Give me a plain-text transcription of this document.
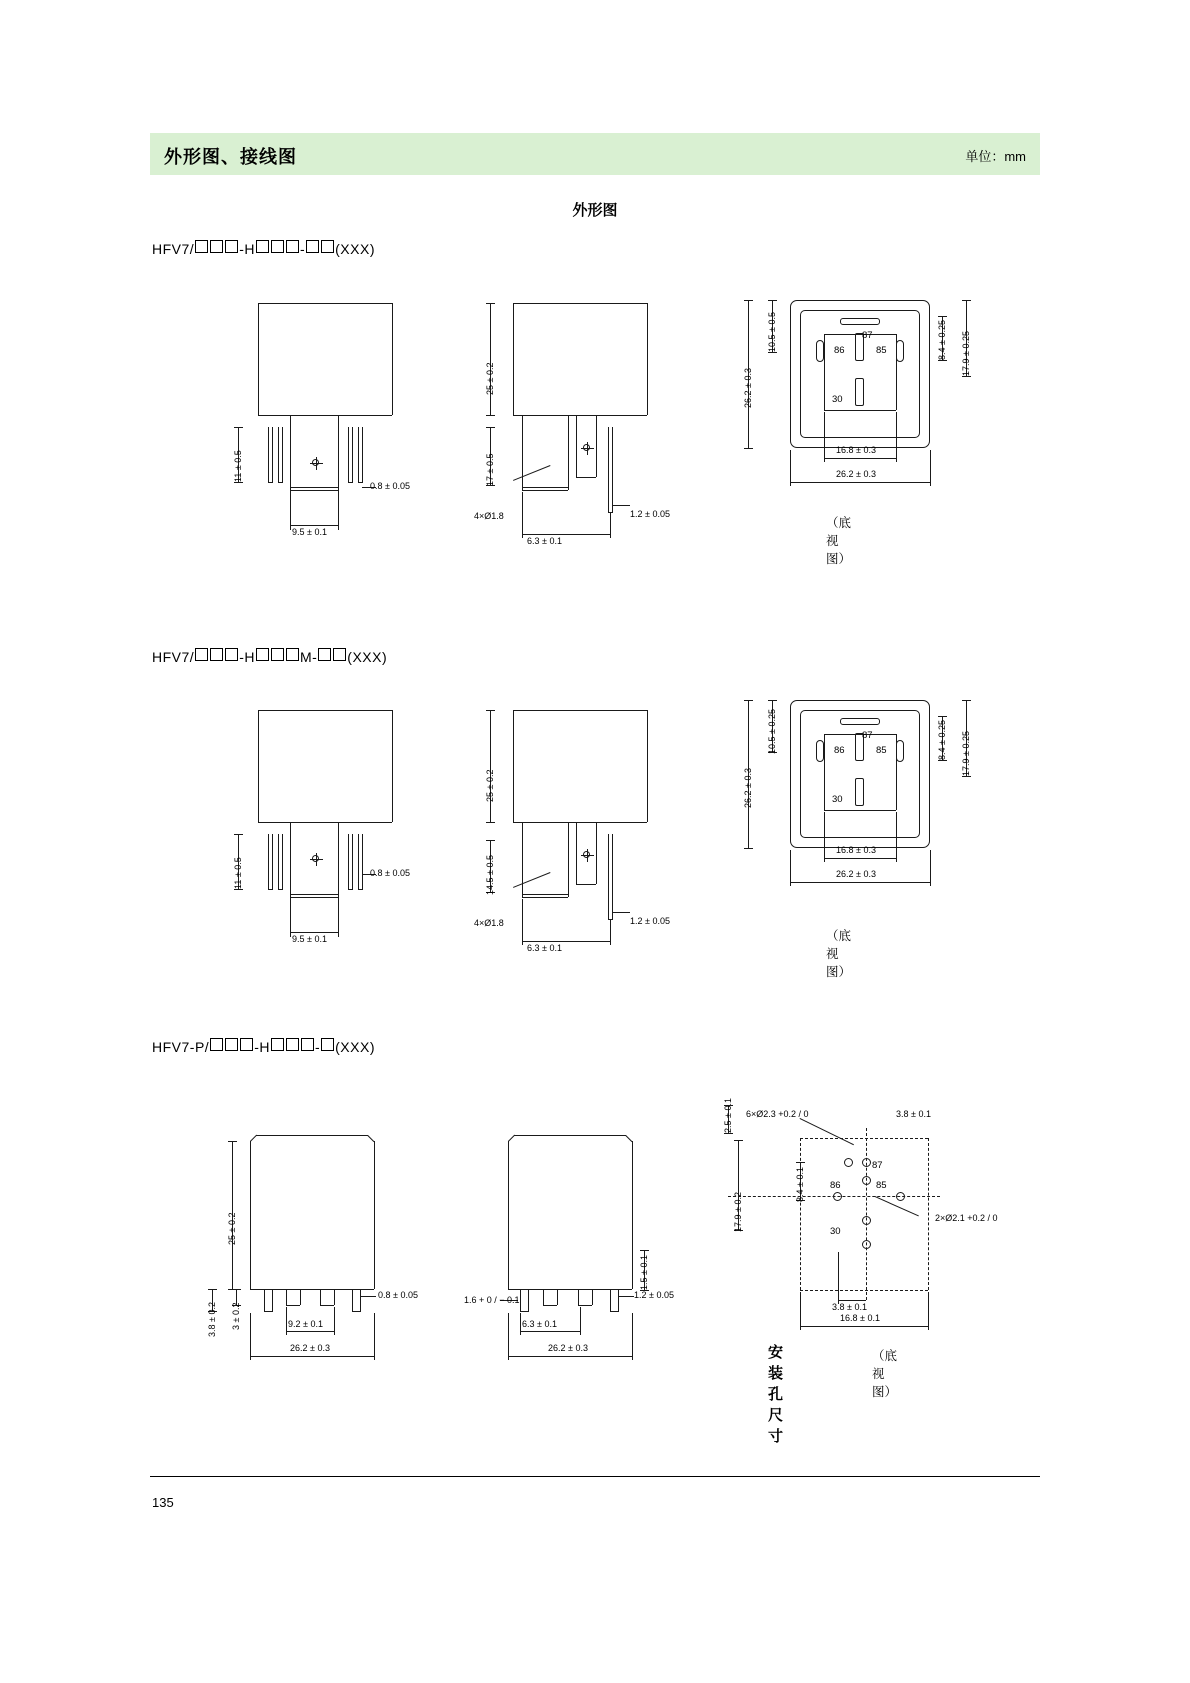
外形图、接线图	单位：mm
外形图
HFV7/	-H	- (XXX)
11 ± 0.5
0.8 ± 0.05
9.5 ± 0.1
25 ± 0.2
17 ± 0.5
4×Ø1.8	1.2 ± 0.05
6.3 ± 0.1
87
86	85
30
26.2 ± 0.3
10.5 ± 0.5	8.4 ± 0.25 17.9 ± 0.25
16.8 ± 0.3
26.2 ± 0.3
（底视图）
HFV7/	-H	M- (XXX)
11 ± 0.5	0.8 ± 0.05
9.5 ± 0.1
25 ± 0.2
14.5 ± 0.5
4×Ø1.8	1.2 ± 0.05
6.3 ± 0.1
87
86	85
30
26.2 ± 0.3
10.5 ± 0.25	8.4 ± 0.25 17.9 ± 0.25
16.8 ± 0.3
26.2 ± 0.3
（底视图）
HFV7-P/	-H	- (XXX)
25 ± 0.2
3.8 ± 0.2 3 ± 0.2
0.8 ± 0.05
9.2 ± 0.1
26.2 ± 0.3
1.5 ± 0.1
1.6 + 0 / − 0.1	1.2 ± 0.05
6.3 ± 0.1
26.2 ± 0.3
6×Ø2.3 +0.2 / 0	3.8 ± 0.1
2×Ø2.1 +0.2 / 0
2.5 ± 0.1
17.9 ± 0.2
8.4 ± 0.1
87
86	85
30
3.8 ± 0.1
16.8 ± 0.1
安装孔尺寸
（底视图）
135
